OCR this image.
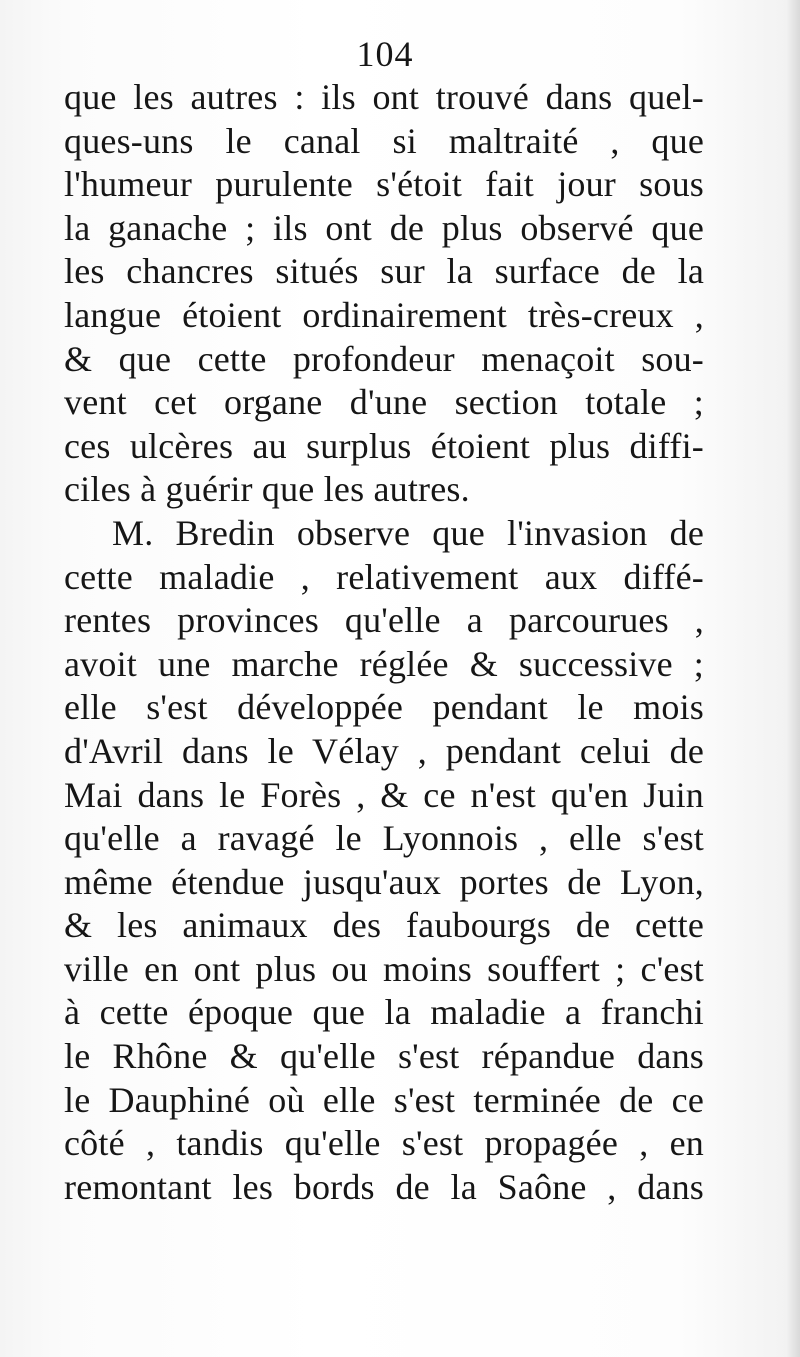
104
que les autres : ils ont trouvé dans quel-
ques-uns le canal si maltraité , que
l'humeur purulente s'étoit fait jour sous
la ganache ; ils ont de plus observé que
les chancres situés sur la surface de la
langue étoient ordinairement très-creux ,
& que cette profondeur menaçoit sou-
vent cet organe d'une section totale ;
ces ulcères au surplus étoient plus diffi-
ciles à guérir que les autres.
M. Bredin observe que l'invasion de
cette maladie , relativement aux diffé-
rentes provinces qu'elle a parcourues ,
avoit une marche réglée & successive ;
elle s'est développée pendant le mois
d'Avril dans le Vélay , pendant celui de
Mai dans le Forès , & ce n'est qu'en Juin
qu'elle a ravagé le Lyonnois , elle s'est
même étendue jusqu'aux portes de Lyon,
& les animaux des faubourgs de cette
ville en ont plus ou moins souffert ; c'est
à cette époque que la maladie a franchi
le Rhône & qu'elle s'est répandue dans
le Dauphiné où elle s'est terminée de ce
côté , tandis qu'elle s'est propagée , en
remontant les bords de la Saône , dans
